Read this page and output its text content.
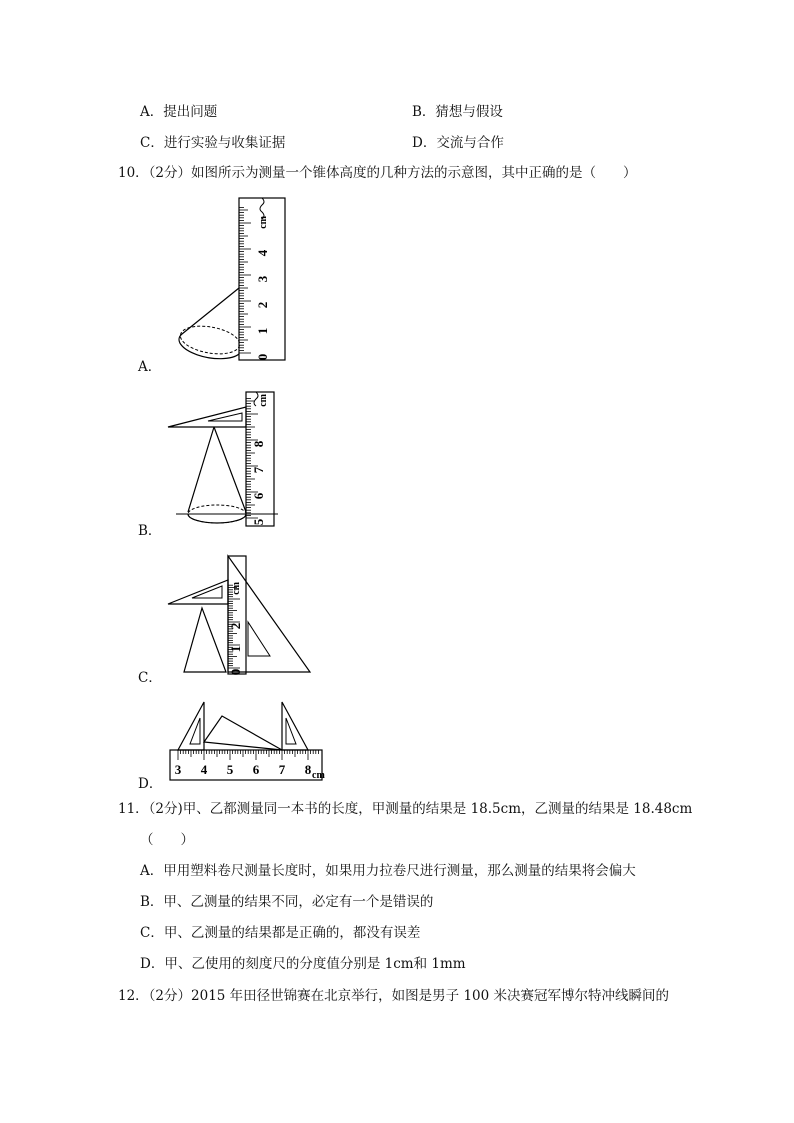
A．提出问题	B．猜想与假设
C．进行实验与收集证据	D．交流与合作
10．（2分）如图所示为测量一个锥体高度的几种方法的示意图，其中正确的是（　　）
A．
0
1
2
3
4
cm
B．
5
6
7
8
cm
C．	0
1
2
cm
D．
3 4 5 6 7 8 cm
11．（2分)甲、乙都测量同一本书的长度，甲测量的结果是 18.5cm，乙测量的结果是 18.48cm
（　　）
A．甲用塑料卷尺测量长度时，如果用力拉卷尺进行测量，那么测量的结果将会偏大
B．甲、乙测量的结果不同，必定有一个是错误的
C．甲、乙测量的结果都是正确的，都没有误差
D．甲、乙使用的刻度尺的分度值分别是 1cm和 1mm
12．（2分）2015 年田径世锦赛在北京举行，如图是男子 100 米决赛冠军博尔特冲线瞬间的
